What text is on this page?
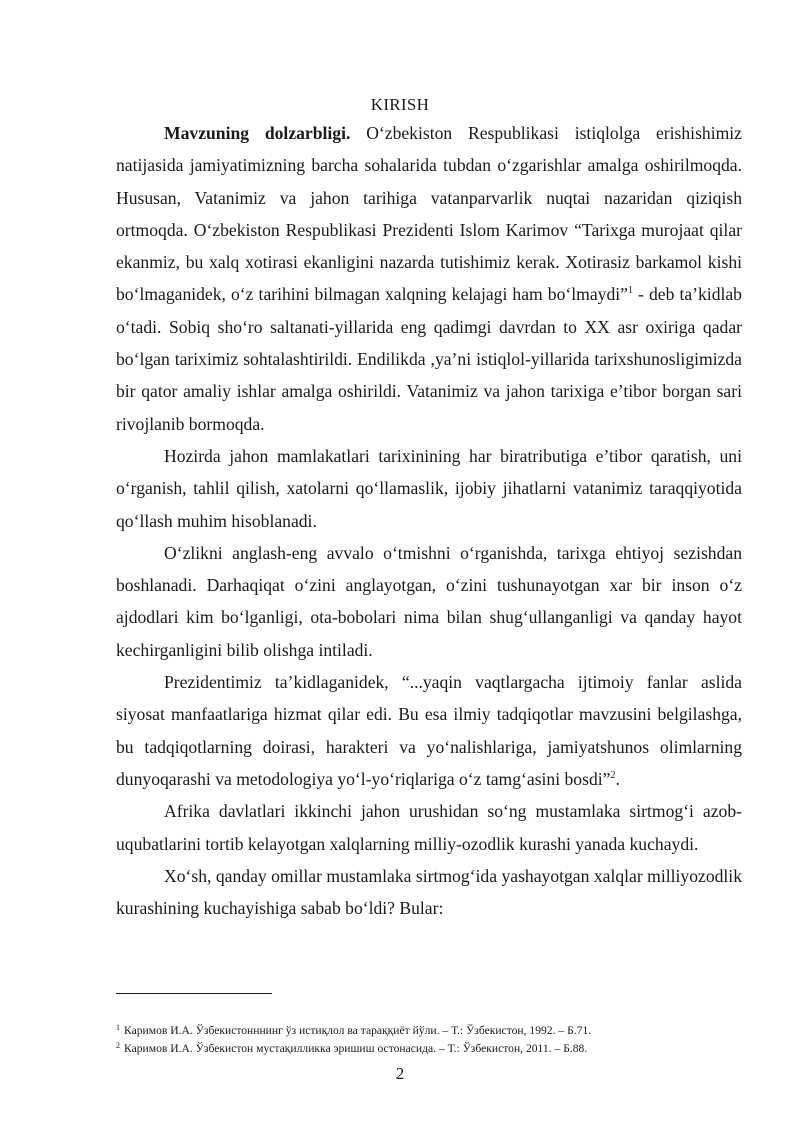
KIRISH

Mavzuning dolzarbligi. O‘zbekiston Respublikasi istiqlolga erishishimiz natijasida jamiyatimizning barcha sohalarida tubdan o‘zgarishlar amalga oshirilmoqda. Hususan, Vatanimiz va jahon tarihiga vatanparvarlik nuqtai nazaridan qiziqish ortmoqda. O‘zbekiston Respublikasi Prezidenti Islom Karimov “Tarixga murojaat qilar ekanmiz, bu xalq xotirasi ekanligini nazarda tutishimiz kerak. Xotirasiz barkamol kishi bo‘lmaganidek, o‘z tarihini bilmagan xalqning kelajagi ham bo‘lmaydi”$^1$ - deb ta’kidlab o‘tadi. Sobiq sho‘ro saltanati-yillarida eng qadimgi davrdan to XX asr oxiriga qadar bo‘lgan tariximiz sohtalashtirildi. Endilikda ,ya’ni istiqlol-yillarida tarixshunosligimizda bir qator amaliy ishlar amalga oshirildi. Vatanimiz va jahon tarixiga e’tibor borgan sari rivojlanib bormoqda.

Hozirda jahon mamlakatlari tarixinining har biratributiga e’tibor qaratish, uni o‘rganish, tahlil qilish, xatolarni qo‘llamaslik, ijobiy jihatlarni vatanimiz taraqqiyotida qo‘llash muhim hisoblanadi.

O‘zlikni anglash-eng avvalo o‘tmishni o‘rganishda, tarixga ehtiyoj sezishdan boshlanadi. Darhaqiqat o‘zini anglayotgan, o‘zini tushunayotgan xar bir inson o‘z ajdodlari kim bo‘lganligi, ota-bobolari nima bilan shug‘ullanganligi va qanday hayot kechirganligini bilib olishga intiladi.

Prezidentimiz ta’kidlaganidek, “...yaqin vaqtlargacha ijtimoiy fanlar aslida siyosat manfaatlariga hizmat qilar edi. Bu esa ilmiy tadqiqotlar mavzusini belgilashga, bu tadqiqotlarning doirasi, harakteri va yo‘nalishlariga, jamiyatshunos olimlarning dunyoqarashi va metodologiya yo‘l-yo‘riqlariga o‘z tamg‘asini bosdi”$^2$.

Afrika davlatlari ikkinchi jahon urushidan so‘ng mustamlaka sirtmog‘i azob-uqubatlarini tortib kelayotgan xalqlarning milliy-ozodlik kurashi yanada kuchaydi.

Xo‘sh, qanday omillar mustamlaka sirtmog‘ida yashayotgan xalqlar milliyozodlik kurashining kuchayishiga sabab bo‘ldi? Bular:

$^1$ Каримов И.А. Ўзбекистонннинг ўз истиқлол ва тараққиёт йўли. – Т.: Ўзбекистон, 1992. – Б.71.
$^2$ Каримов И.А. Ўзбекистон мустақилликка эришиш остонасида. – Т.: Ўзбекистон, 2011. – Б.88.
2
